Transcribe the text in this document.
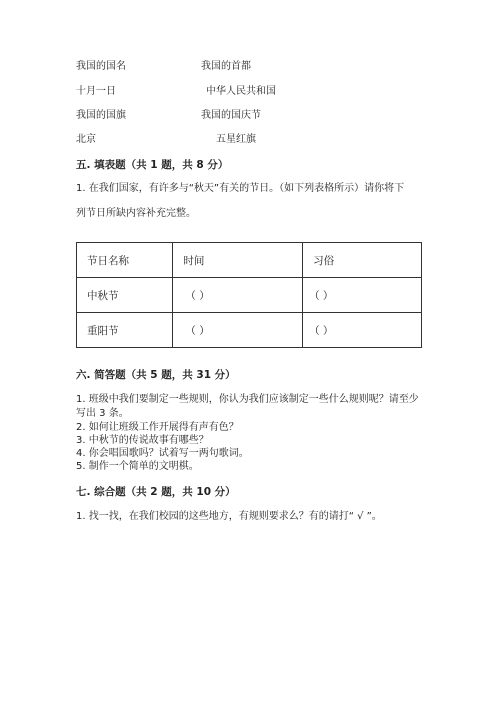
我国的国名	我国的首都
十月一日	中华人民共和国
我国的国旗	我国的国庆节
北京	五星红旗
五. 填表题（共 1 题，共 8 分）
1. 在我们国家，有许多与“秋天”有关的节日。（如下列表格所示）请你将下
列节日所缺内容补充完整。
节日名称	时间	习俗
中秋节	（ ）	（ ）
重阳节	（ ）	（ ）
六. 简答题（共 5 题，共 31 分）
1. 班级中我们要制定一些规则，你认为我们应该制定一些什么规则呢？请至少
写出 3 条。
2. 如何让班级工作开展得有声有色？
3. 中秋节的传说故事有哪些？
4. 你会唱国歌吗？试着写一两句歌词。
5. 制作一个简单的文明棋。
七. 综合题（共 2 题，共 10 分）
1. 找一找，在我们校园的这些地方，有规则要求么？有的请打“ √ ”。
